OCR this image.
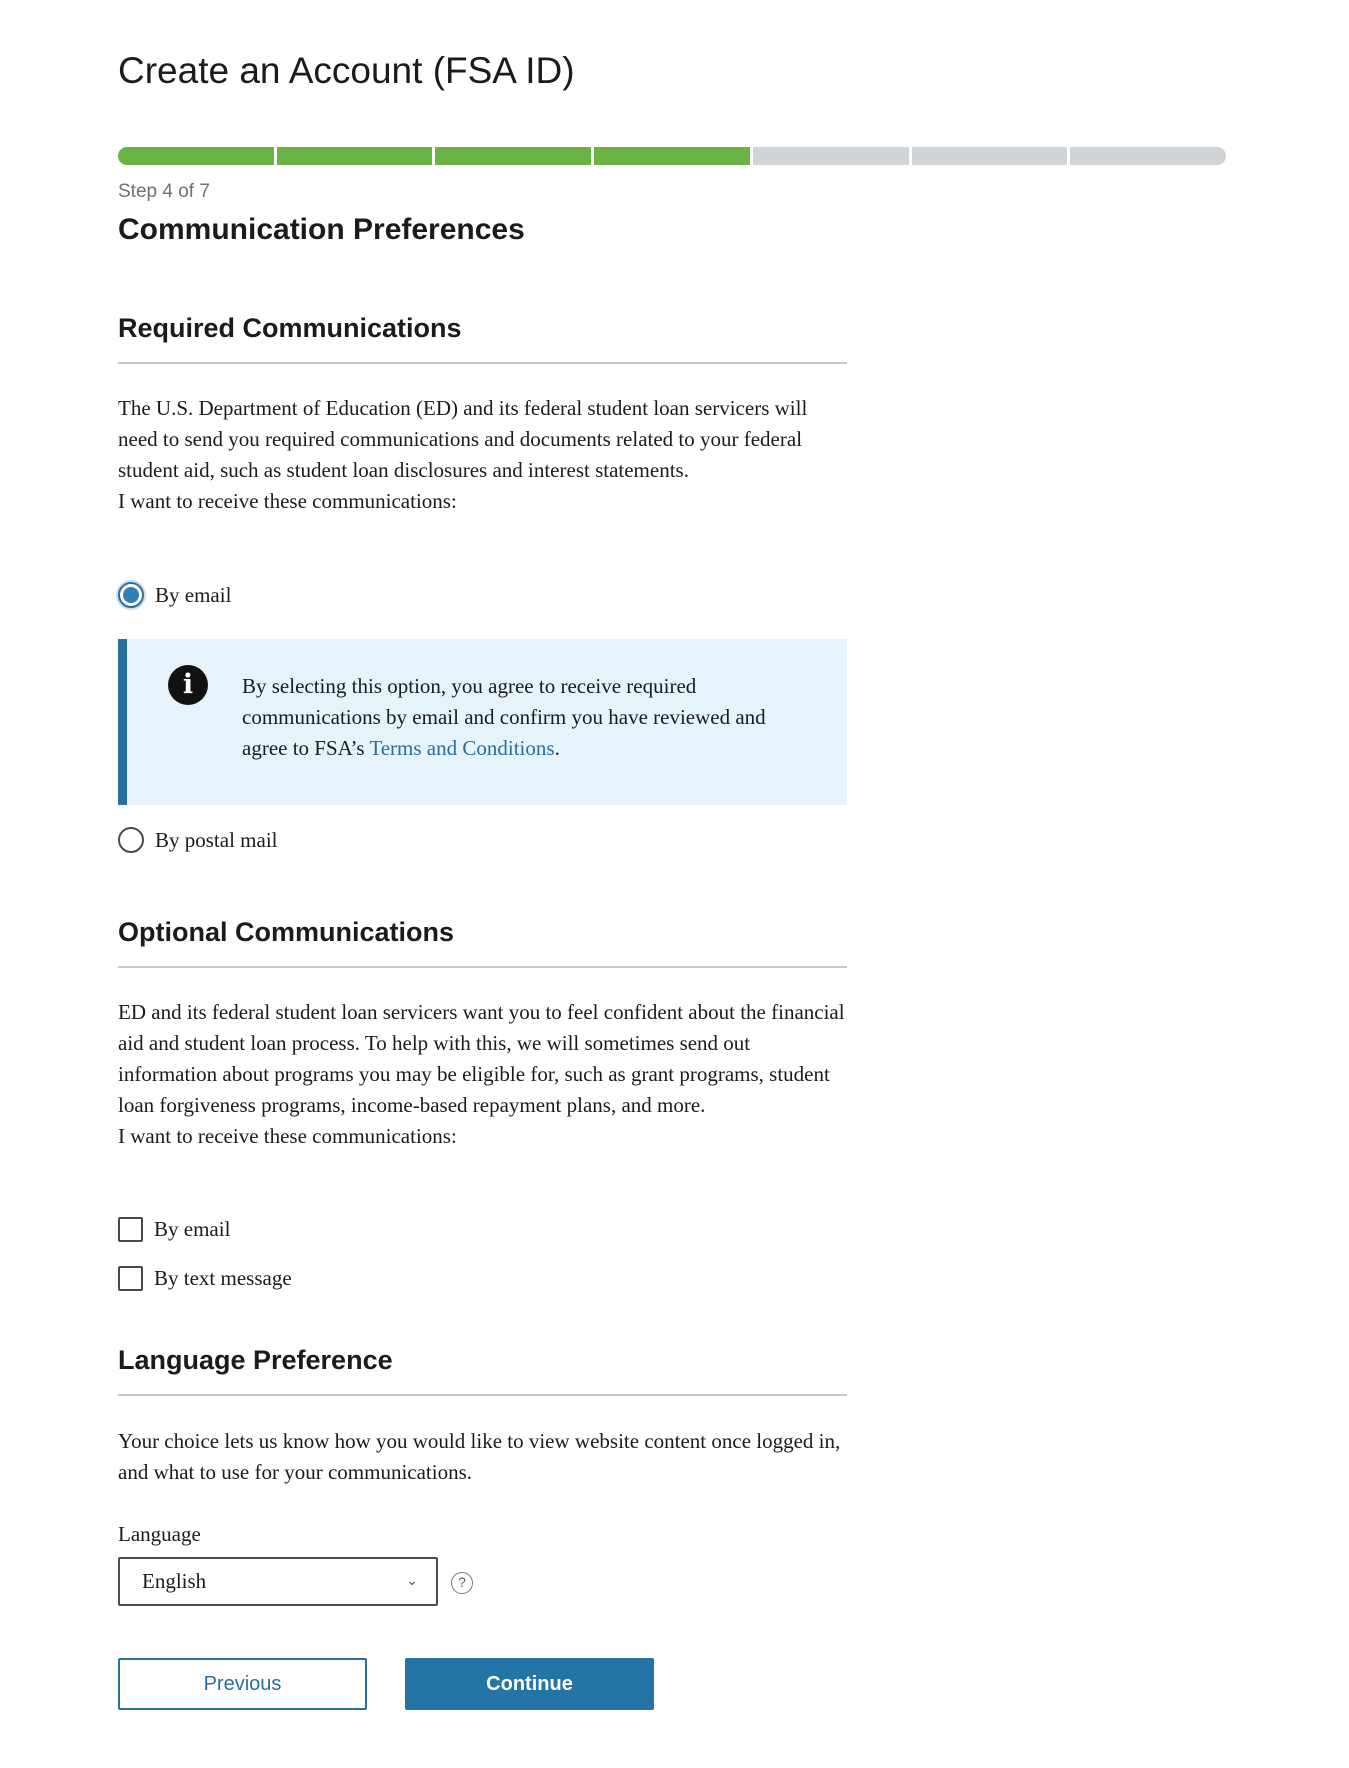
Create an Account (FSA ID)
Step 4 of 7
Communication Preferences
Required Communications

The U.S. Department of Education (ED) and its federal student loan servicers will need to send you required communications and documents related to your federal student aid, such as student loan disclosures and interest statements.

I want to receive these communications:

By email
i	By selecting this option, you agree to receive required communications by email and confirm you have reviewed and agree to FSA’s Terms and Conditions.
By postal mail
Optional Communications

ED and its federal student loan servicers want you to feel confident about the financial aid and student loan process. To help with this, we will sometimes send out information about programs you may be eligible for, such as grant programs, student loan forgiveness programs, income-based repayment plans, and more.

I want to receive these communications:

By email
By text message
Language Preference

Your choice lets us know how you would like to view website content once logged in, and what to use for your communications.

Language
English	⌄	?
Previous	Continue
